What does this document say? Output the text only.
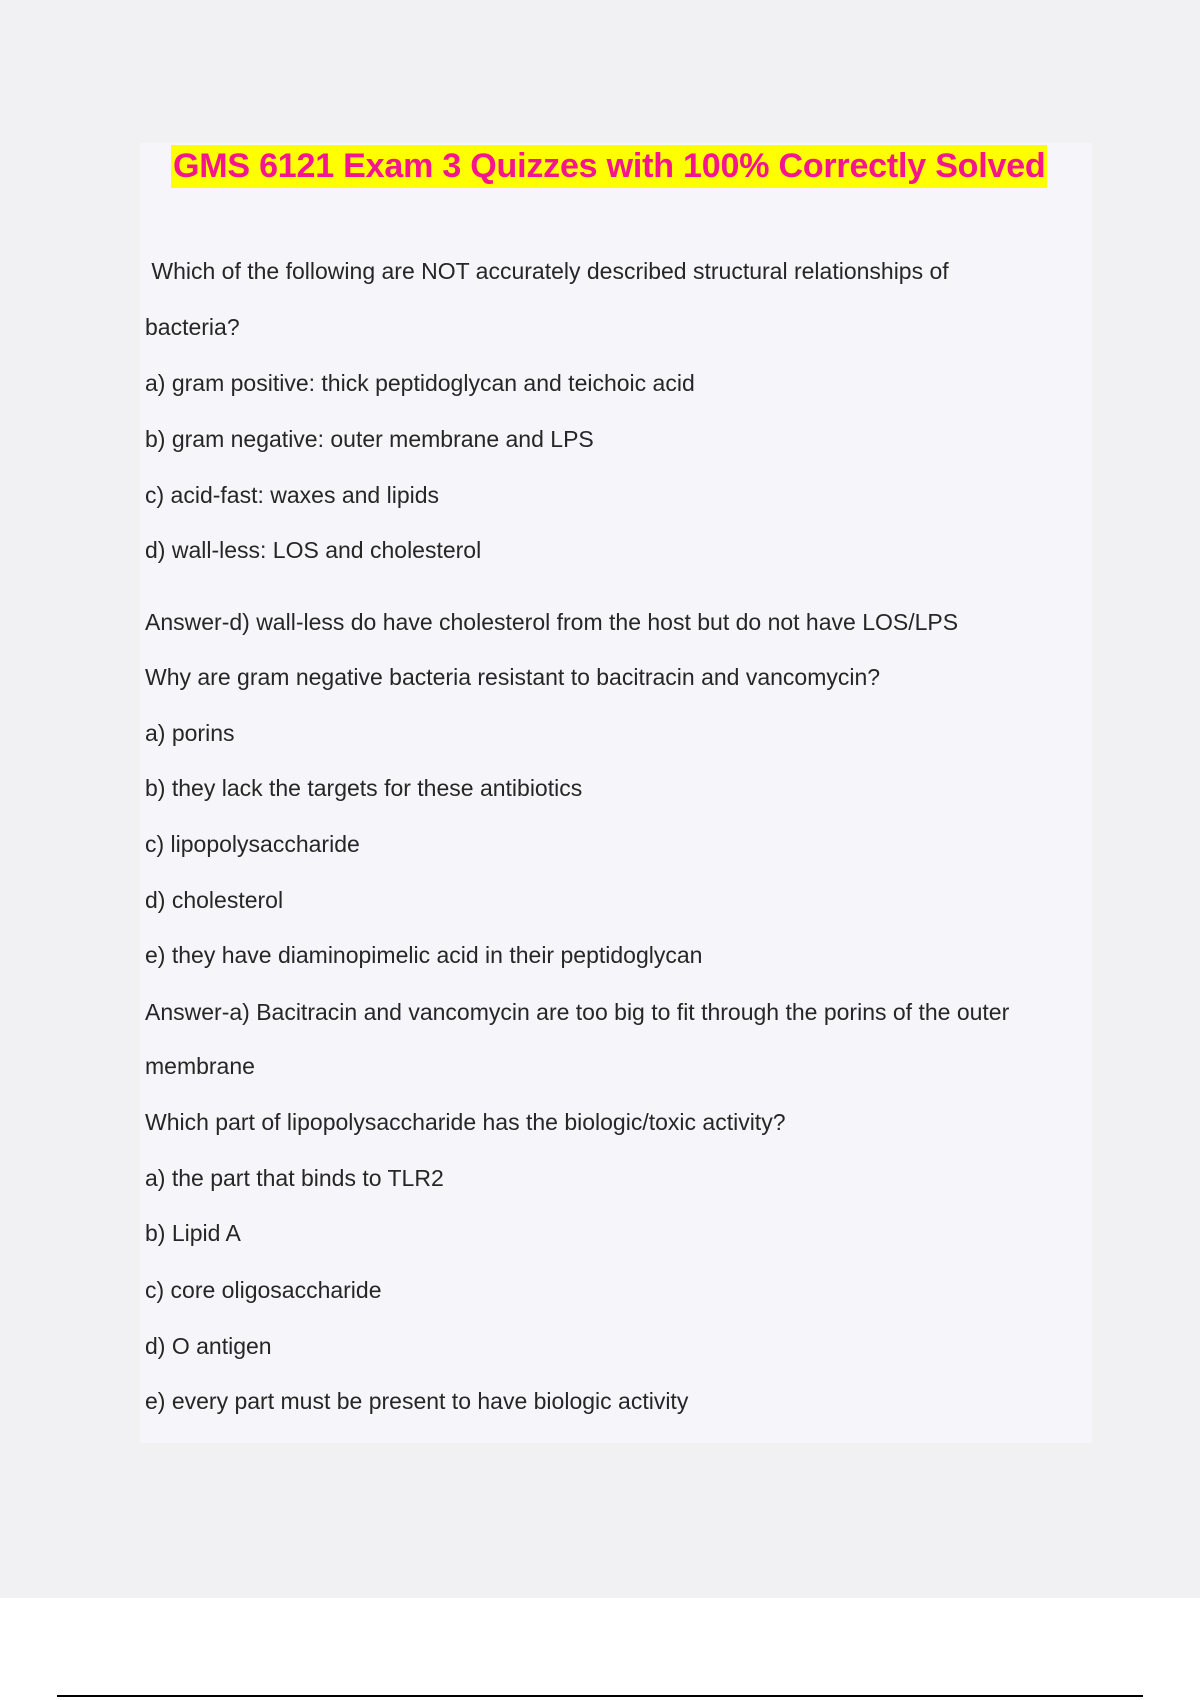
GMS 6121 Exam 3 Quizzes with 100% Correctly Solved
Which of the following are NOT accurately described structural relationships of
bacteria?
a) gram positive: thick peptidoglycan and teichoic acid
b) gram negative: outer membrane and LPS
c) acid-fast: waxes and lipids
d) wall-less: LOS and cholesterol
Answer-d) wall-less do have cholesterol from the host but do not have LOS/LPS
Why are gram negative bacteria resistant to bacitracin and vancomycin?
a) porins
b) they lack the targets for these antibiotics
c) lipopolysaccharide
d) cholesterol
e) they have diaminopimelic acid in their peptidoglycan
Answer-a) Bacitracin and vancomycin are too big to fit through the porins of the outer
membrane
Which part of lipopolysaccharide has the biologic/toxic activity?
a) the part that binds to TLR2
b) Lipid A
c) core oligosaccharide
d) O antigen
e) every part must be present to have biologic activity
